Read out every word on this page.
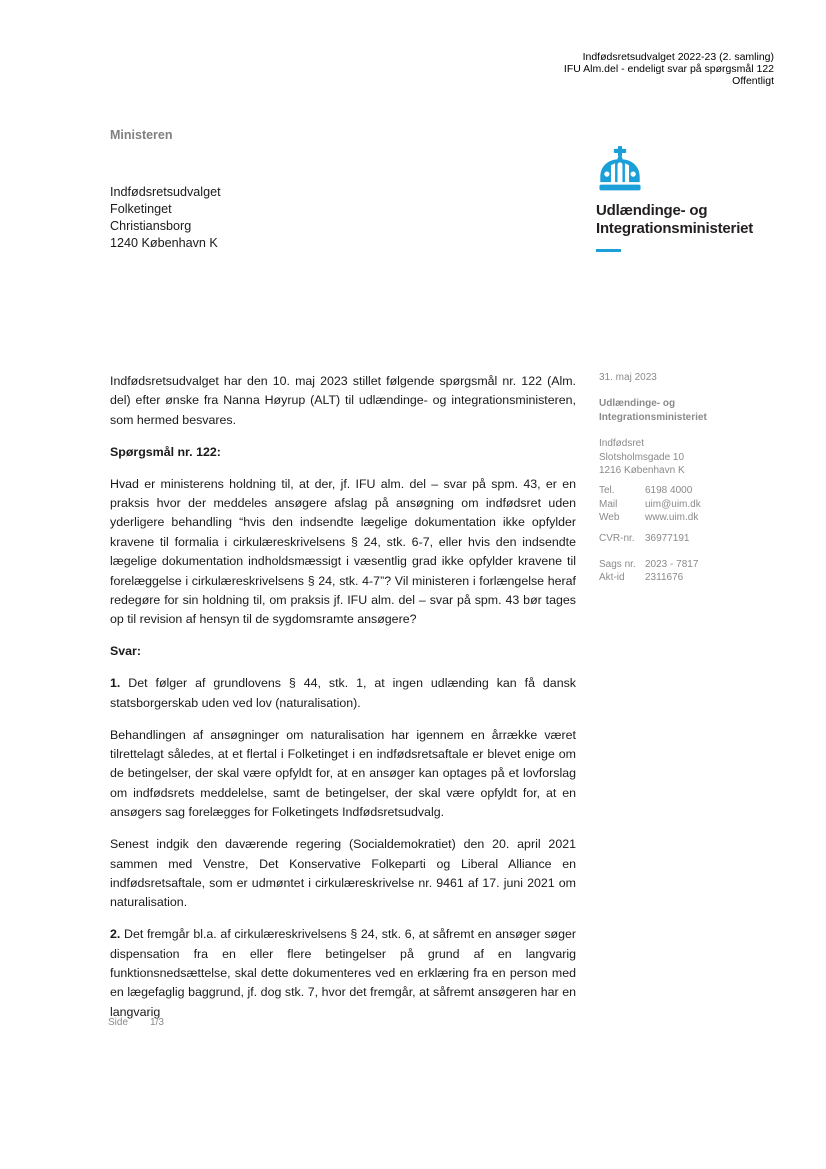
Indfødsretsudvalget 2022-23 (2. samling)
IFU Alm.del - endeligt svar på spørgsmål 122
Offentligt
Ministeren
Indfødsretsudvalget
Folketinget
Christiansborg
1240 København K
Udlændinge- og
Integrationsministeriet

Indfødsretsudvalget har den 10. maj 2023 stillet følgende spørgsmål nr. 122 (Alm. del) efter ønske fra Nanna Høyrup (ALT) til udlændinge- og integrationsministeren, som hermed besvares.

Spørgsmål nr. 122:

Hvad er ministerens holdning til, at der, jf. IFU alm. del – svar på spm. 43, er en praksis hvor der meddeles ansøgere afslag på ansøgning om indfødsret uden yderligere behandling “hvis den indsendte lægelige dokumentation ikke opfylder kravene til formalia i cirkulæreskrivelsens § 24, stk. 6-7, eller hvis den indsendte lægelige dokumentation indholdsmæssigt i væsentlig grad ikke opfylder kravene til forelæggelse i cirkulæreskrivelsens § 24, stk. 4-7”? Vil ministeren i forlængelse heraf redegøre for sin holdning til, om praksis jf. IFU alm. del – svar på spm. 43 bør tages op til revision af hensyn til de sygdomsramte ansøgere?

Svar:

1. Det følger af grundlovens § 44, stk. 1, at ingen udlænding kan få dansk statsborgerskab uden ved lov (naturalisation).

Behandlingen af ansøgninger om naturalisation har igennem en årrække været tilrettelagt således, at et flertal i Folketinget i en indfødsretsaftale er blevet enige om de betingelser, der skal være opfyldt for, at en ansøger kan optages på et lovforslag om indfødsrets meddelelse, samt de betingelser, der skal være opfyldt for, at en ansøgers sag forelægges for Folketingets Indfødsretsudvalg.

Senest indgik den daværende regering (Socialdemokratiet) den 20. april 2021 sammen med Venstre, Det Konservative Folkeparti og Liberal Alliance en indfødsretsaftale, som er udmøntet i cirkulæreskrivelse nr. 9461 af 17. juni 2021 om naturalisation.

2. Det fremgår bl.a. af cirkulæreskrivelsens § 24, stk. 6, at såfremt en ansøger søger dispensation fra en eller flere betingelser på grund af en langvarig funktionsnedsættelse, skal dette dokumenteres ved en erklæring fra en person med en lægefaglig baggrund, jf. dog stk. 7, hvor det fremgår, at såfremt ansøgeren har en langvarig

31. maj 2023
Udlændinge- og
Integrationsministeriet
Indfødsret
Slotsholmsgade 10
1216 København K
Tel.	6198 4000
Mail	uim@uim.dk
Web	www.uim.dk
CVR-nr.	36977191
Sags nr. 2023 - 7817
Akt-id	2311676
Side 1/3
